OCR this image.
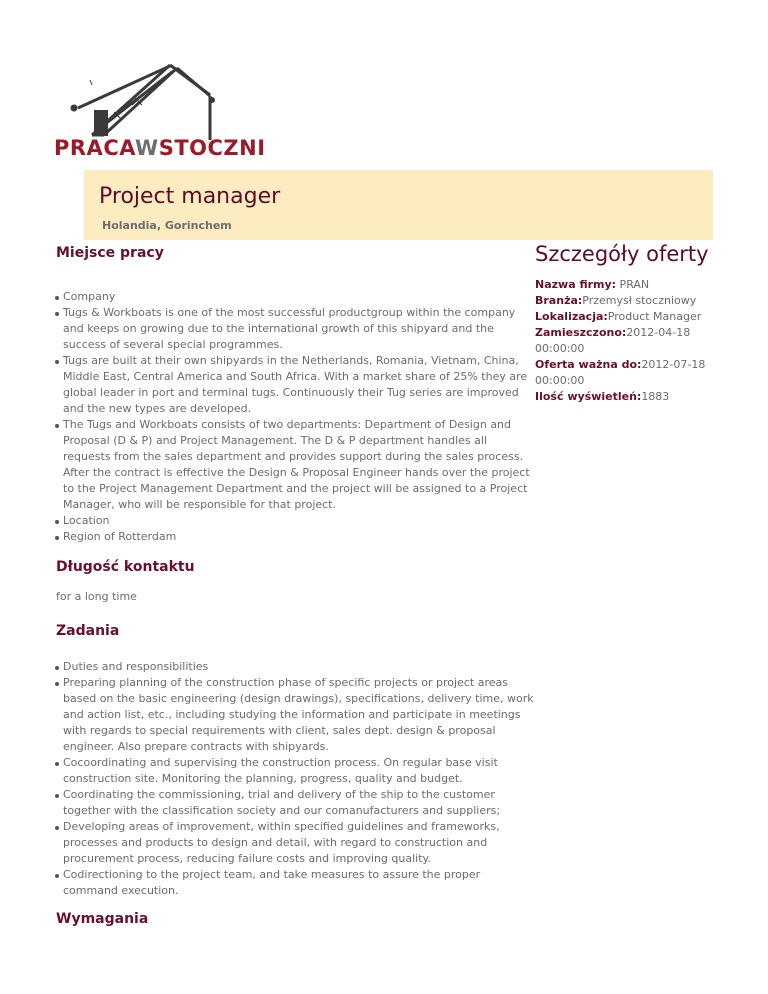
PRACAWSTOCZNI
Project manager
Holandia, Gorinchem
Miejsce pracy
Company
Tugs & Workboats is one of the most successful productgroup within the company and keeps on growing due to the international growth of this shipyard and the success of several special programmes.
Tugs are built at their own shipyards in the Netherlands, Romania, Vietnam, China, Middle East, Central America and South Africa. With a market share of 25% they are global leader in port and terminal tugs. Continuously their Tug series are improved and the new types are developed.
The Tugs and Workboats consists of two departments: Department of Design and Proposal (D & P) and Project Management. The D & P department handles all requests from the sales department and provides support during the sales process. After the contract is effective the Design & Proposal Engineer hands over the project to the Project Management Department and the project will be assigned to a Project Manager, who will be responsible for that project.
Location
Region of Rotterdam
Długość kontaktu

for a long time

Zadania
Duties and responsibilities
Preparing planning of the construction phase of specific projects or project areas based on the basic engineering (design drawings), specifications, delivery time, work and action list, etc., including studying the information and participate in meetings with regards to special requirements with client, sales dept. design & proposal engineer. Also prepare contracts with shipyards.
Cocoordinating and supervising the construction process. On regular base visit construction site. Monitoring the planning, progress, quality and budget.
Coordinating the commissioning, trial and delivery of the ship to the customer together with the classification society and our comanufacturers and suppliers;
Developing areas of improvement, within specified guidelines and frameworks, processes and products to design and detail, with regard to construction and procurement process, reducing failure costs and improving quality.
Codirectioning to the project team, and take measures to assure the proper command execution.
Wymagania
Szczegóły oferty
Nazwa firmy: PRAN
Branża:Przemysł stoczniowy
Lokalizacja:Product Manager
Zamieszczono:2012-04-18 00:00:00
Oferta ważna do:2012-07-18 00:00:00
Ilość wyświetleń:1883
